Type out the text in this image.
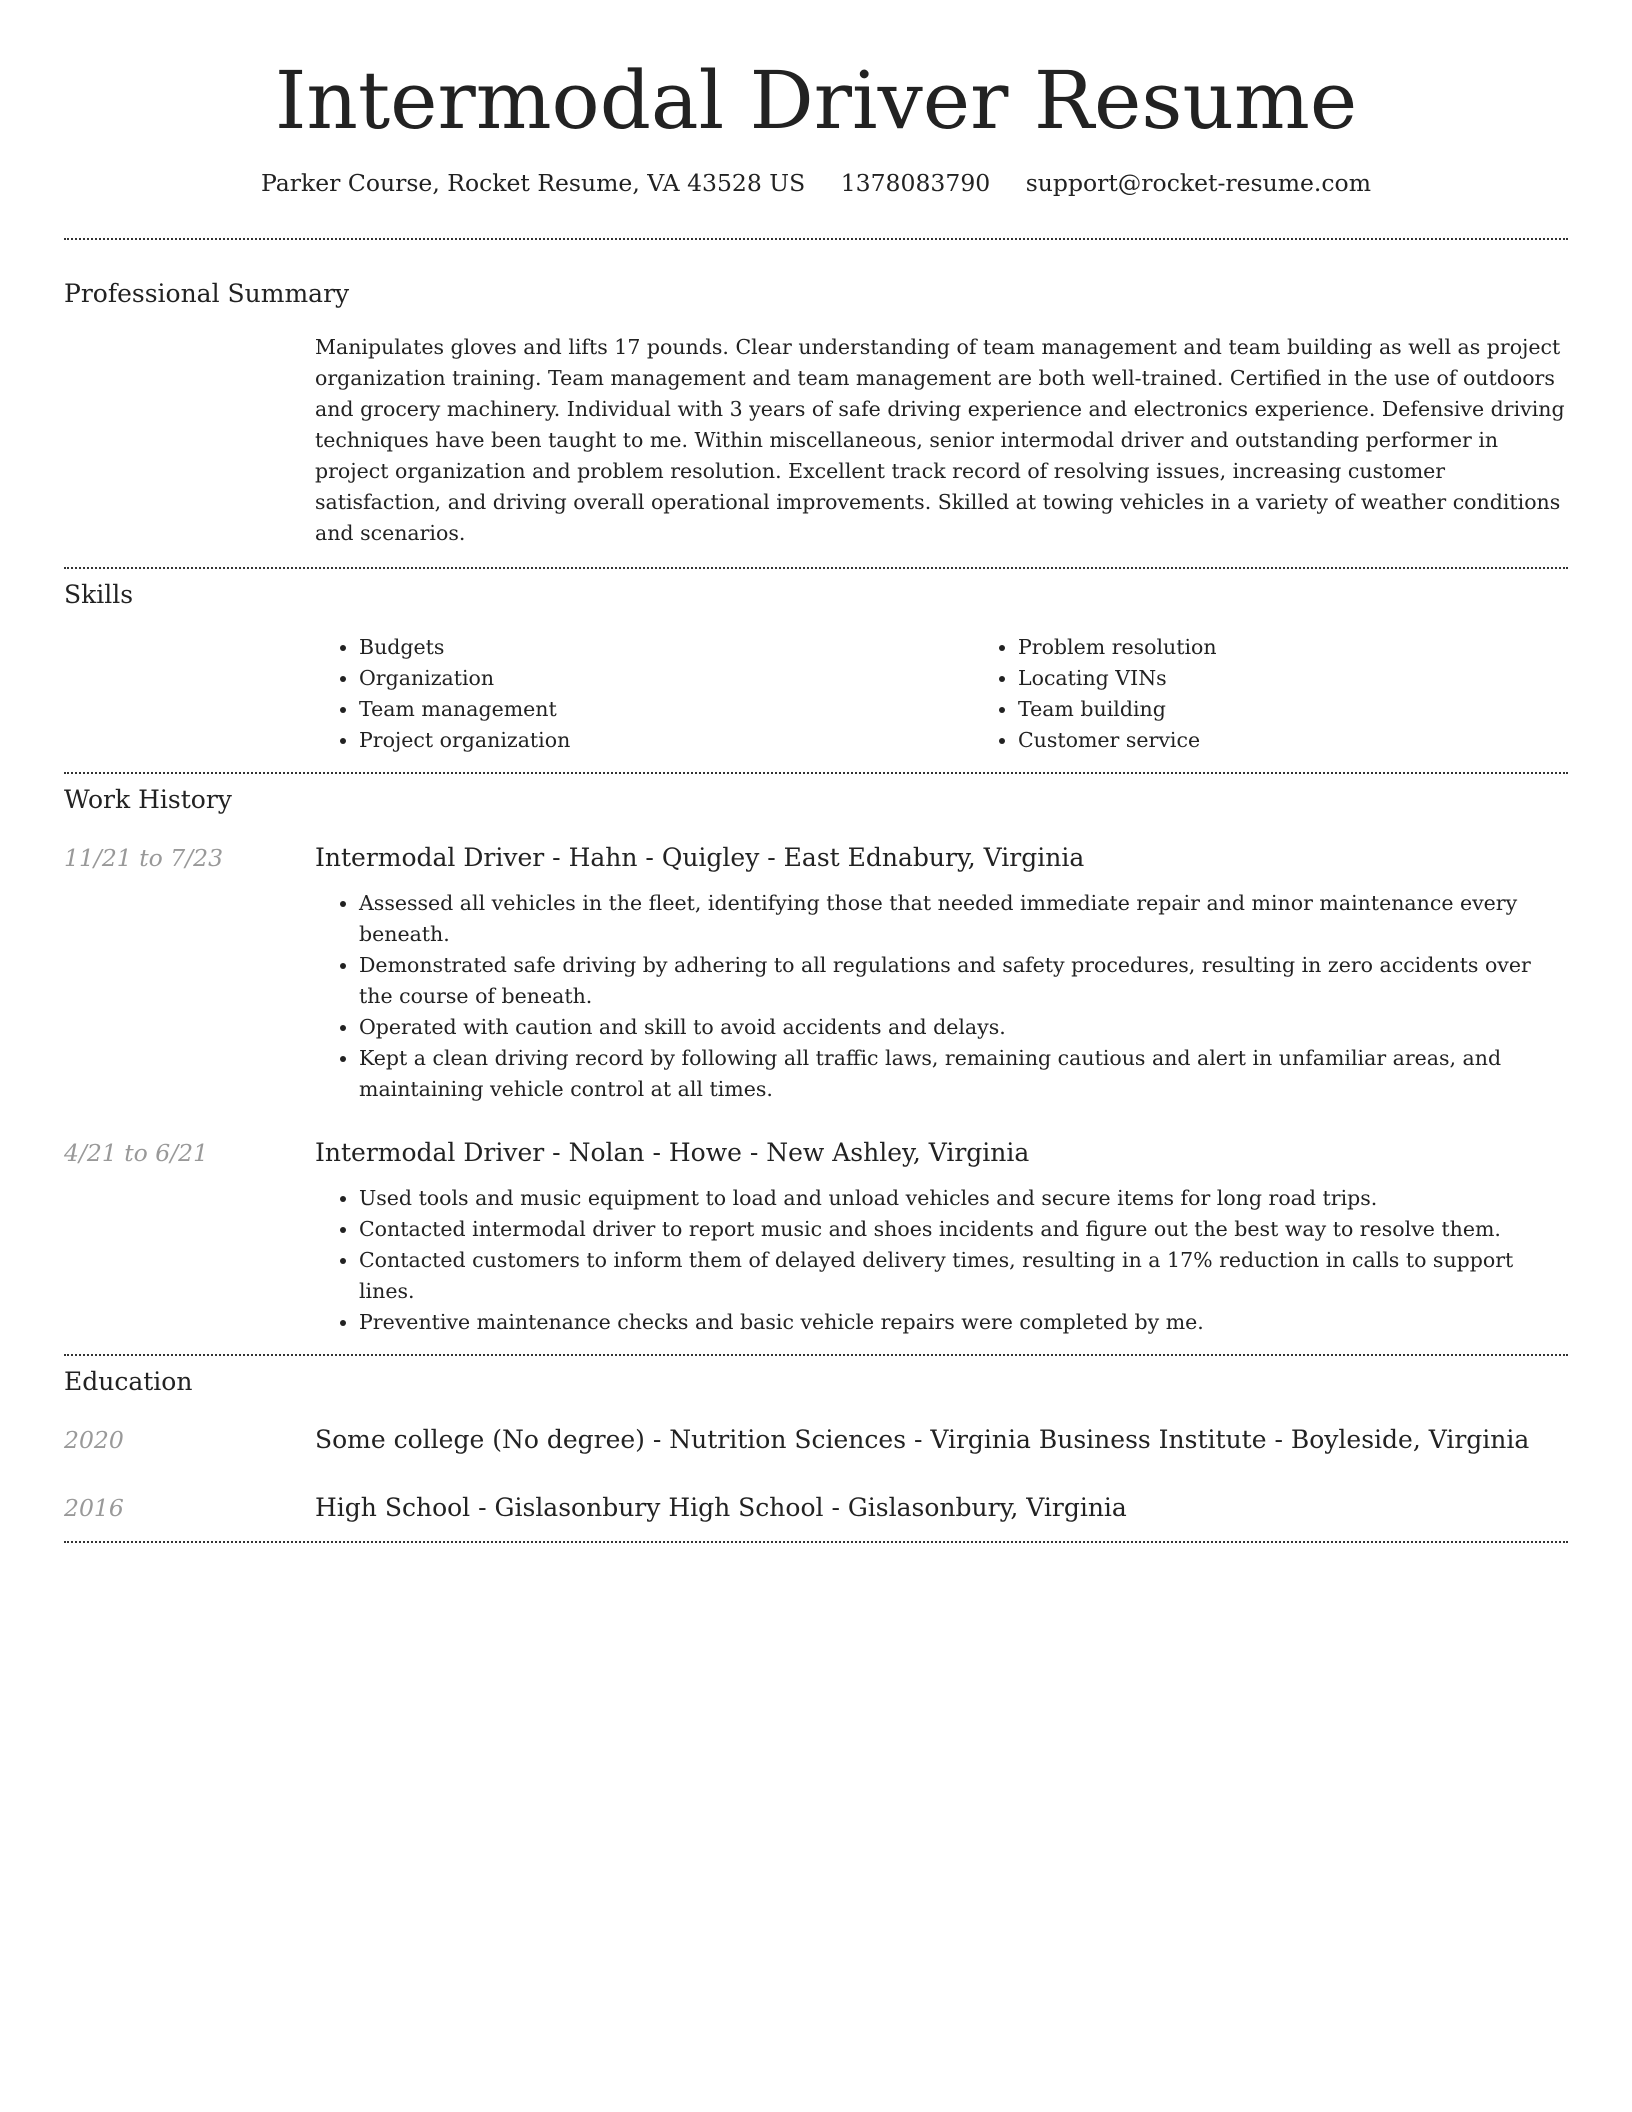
Intermodal Driver Resume
Parker Course, Rocket Resume, VA 43528 US 1378083790 support@rocket-resume.com
Professional Summary

Manipulates gloves and lifts 17 pounds. Clear understanding of team management and team building as well as project organization training. Team management and team management are both well-trained. Certified in the use of outdoors and grocery machinery. Individual with 3 years of safe driving experience and electronics experience. Defensive driving techniques have been taught to me. Within miscellaneous, senior intermodal driver and outstanding performer in project organization and problem resolution. Excellent track record of resolving issues, increasing customer satisfaction, and driving overall operational improvements. Skilled at towing vehicles in a variety of weather conditions and scenarios.

Skills
• Budgets
• Organization
• Team management
• Project organization
• Problem resolution
• Locating VINs
• Team building
• Customer service
Work History
11/21 to 7/23	Intermodal Driver - Hahn - Quigley - East Ednabury, Virginia
• Assessed all vehicles in the fleet, identifying those that needed immediate repair and minor maintenance every beneath.
• Demonstrated safe driving by adhering to all regulations and safety procedures, resulting in zero accidents over the course of beneath.
• Operated with caution and skill to avoid accidents and delays.
• Kept a clean driving record by following all traffic laws, remaining cautious and alert in unfamiliar areas, and maintaining vehicle control at all times.
4/21 to 6/21	Intermodal Driver - Nolan - Howe - New Ashley, Virginia
• Used tools and music equipment to load and unload vehicles and secure items for long road trips.
• Contacted intermodal driver to report music and shoes incidents and figure out the best way to resolve them.
• Contacted customers to inform them of delayed delivery times, resulting in a 17% reduction in calls to support lines.
• Preventive maintenance checks and basic vehicle repairs were completed by me.
Education
2020	Some college (No degree) - Nutrition Sciences - Virginia Business Institute - Boyleside, Virginia
2016	High School - Gislasonbury High School - Gislasonbury, Virginia
